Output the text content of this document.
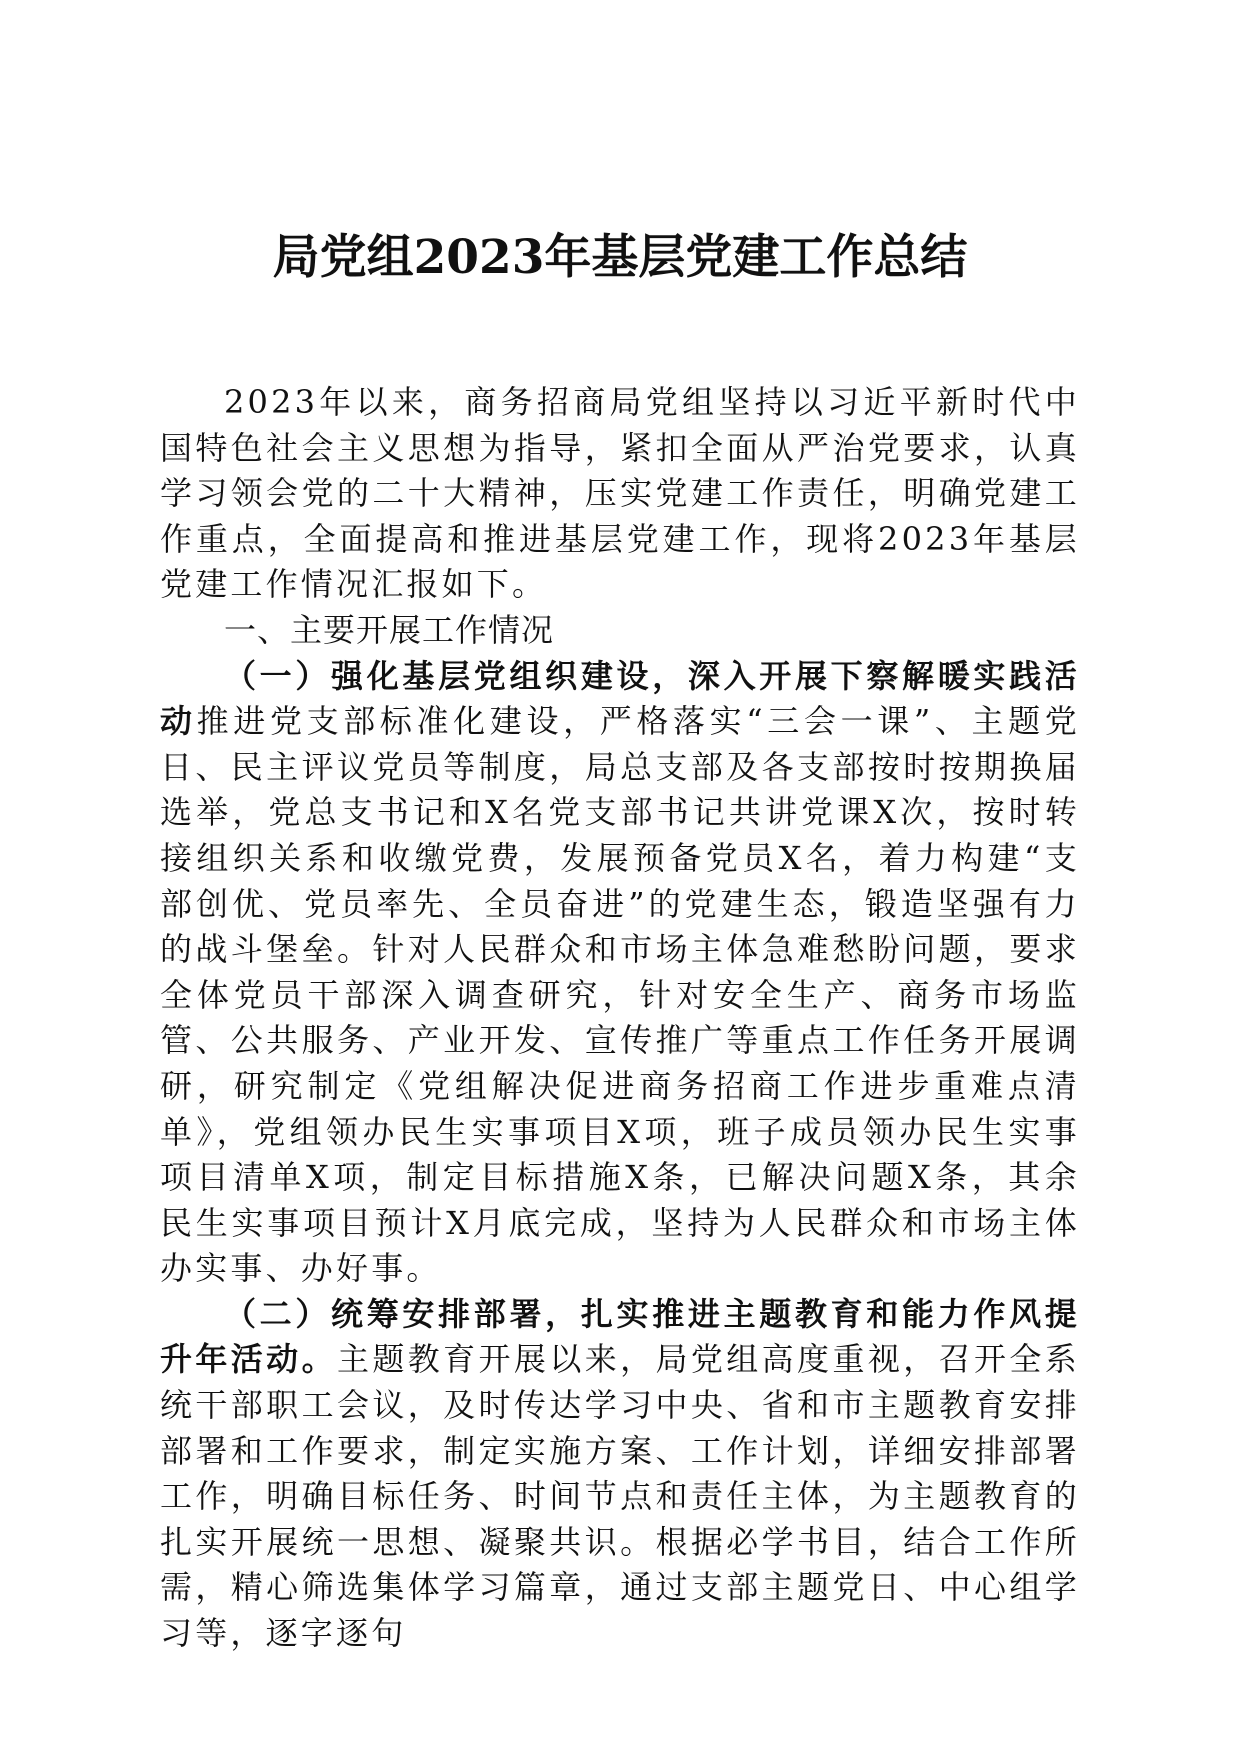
局党组2023年基层党建工作总结

2023年以来，商务招商局党组坚持以习近平新时代中国特色社会主义思想为指导，紧扣全面从严治党要求，认真学习领会党的二十大精神，压实党建工作责任，明确党建工作重点，全面提高和推进基层党建工作，现将2023年基层党建工作情况汇报如下。

一、主要开展工作情况

（一）强化基层党组织建设，深入开展下察解暖实践活动推进党支部标准化建设，严格落实“三会一课”、主题党日、民主评议党员等制度，局总支部及各支部按时按期换届选举，党总支书记和X名党支部书记共讲党课X次，按时转接组织关系和收缴党费，发展预备党员X名，着力构建“支部创优、党员率先、全员奋进”的党建生态，锻造坚强有力的战斗堡垒。针对人民群众和市场主体急难愁盼问题，要求全体党员干部深入调查研究，针对安全生产、商务市场监管、公共服务、产业开发、宣传推广等重点工作任务开展调研，研究制定《党组解决促进商务招商工作进步重难点清单》，党组领办民生实事项目X项，班子成员领办民生实事项目清单X项，制定目标措施X条，已解决问题X条，其余民生实事项目预计X月底完成，坚持为人民群众和市场主体办实事、办好事。

（二）统筹安排部署，扎实推进主题教育和能力作风提升年活动。主题教育开展以来，局党组高度重视，召开全系统干部职工会议，及时传达学习中央、省和市主题教育安排部署和工作要求，制定实施方案、工作计划，详细安排部署工作，明确目标任务、时间节点和责任主体，为主题教育的扎实开展统一思想、凝聚共识。根据必学书目，结合工作所需，精心筛选集体学习篇章，通过支部主题党日、中心组学习等，逐字逐句
